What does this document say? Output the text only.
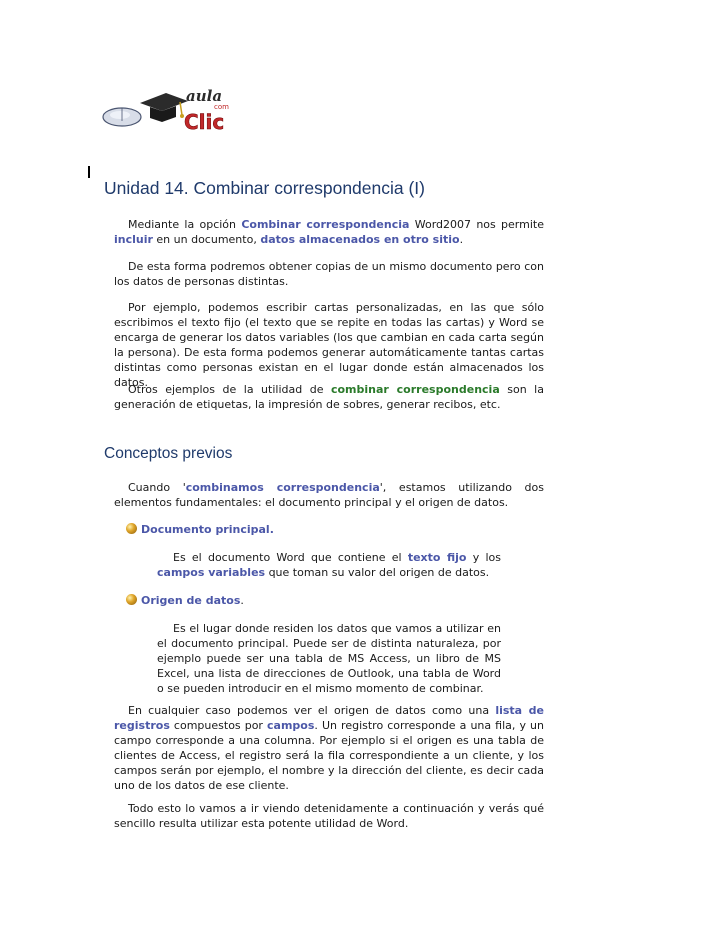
aula
com
Clic
Unidad 14. Combinar correspondencia (I)

Mediante la opción Combinar correspondencia Word2007 nos permite incluir en un documento, datos almacenados en otro sitio.

De esta forma podremos obtener copias de un mismo documento pero con los datos de personas distintas.

Por ejemplo, podemos escribir cartas personalizadas, en las que sólo escribimos el texto fijo (el texto que se repite en todas las cartas) y Word se encarga de generar los datos variables (los que cambian en cada carta según la persona). De esta forma podemos generar automáticamente tantas cartas distintas como personas existan en el lugar donde están almacenados los datos.

Otros ejemplos de la utilidad de combinar correspondencia son la generación de etiquetas, la impresión de sobres, generar recibos, etc.

Conceptos previos

Cuando 'combinamos correspondencia', estamos utilizando dos elementos fundamentales: el documento principal y el origen de datos.

Documento principal.

Es el documento Word que contiene el texto fijo y los campos variables que toman su valor del origen de datos.

Origen de datos.

Es el lugar donde residen los datos que vamos a utilizar en el documento principal. Puede ser de distinta naturaleza, por ejemplo puede ser una tabla de MS Access, un libro de MS Excel, una lista de direcciones de Outlook, una tabla de Word o se pueden introducir en el mismo momento de combinar.

En cualquier caso podemos ver el origen de datos como una lista de registros compuestos por campos. Un registro corresponde a una fila, y un campo corresponde a una columna. Por ejemplo si el origen es una tabla de clientes de Access, el registro será la fila correspondiente a un cliente, y los campos serán por ejemplo, el nombre y la dirección del cliente, es decir cada uno de los datos de ese cliente.

Todo esto lo vamos a ir viendo detenidamente a continuación y verás qué sencillo resulta utilizar esta potente utilidad de Word.
